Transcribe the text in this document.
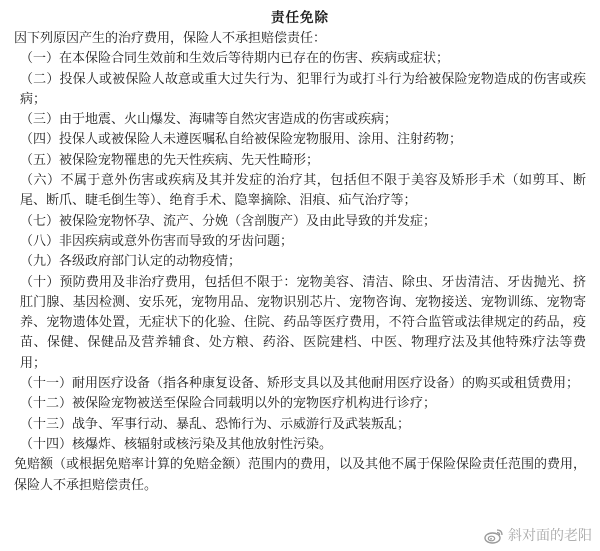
责任免除

因下列原因产生的治疗费用，保险人不承担赔偿责任：

（一）在本保险合同生效前和生效后等待期内已存在的伤害、疾病或症状；

（二）投保人或被保险人故意或重大过失行为、犯罪行为或打斗行为给被保险宠物造成的伤害或疾病；

（三）由于地震、火山爆发、海啸等自然灾害造成的伤害或疾病；

（四）投保人或被保险人未遵医嘱私自给被保险宠物服用、涂用、注射药物；

（五）被保险宠物罹患的先天性疾病、先天性畸形；

（六）不属于意外伤害或疾病及其并发症的治疗其，包括但不限于美容及矫形手术（如剪耳、断尾、断爪、睫毛倒生等）、绝育手术、隐睾摘除、泪痕、疝气治疗等；

（七）被保险宠物怀孕、流产、分娩（含剖腹产）及由此导致的并发症；

（八）非因疾病或意外伤害而导致的牙齿问题；

（九）各级政府部门认定的动物疫情；

（十）预防费用及非治疗费用，包括但不限于：宠物美容、清洁、除虫、牙齿清洁、牙齿抛光、挤肛门腺、基因检测、安乐死，宠物用品、宠物识别芯片、宠物咨询、宠物接送、宠物训练、宠物寄养、宠物遗体处置，无症状下的化验、住院、药品等医疗费用，不符合监管或法律规定的药品，疫苗、保健、保健品及营养辅食、处方粮、药浴、医院建档、中医、物理疗法及其他特殊疗法等费用；

（十一）耐用医疗设备（指各种康复设备、矫形支具以及其他耐用医疗设备）的购买或租赁费用；

（十二）被保险宠物被送至保险合同载明以外的宠物医疗机构进行诊疗；

（十三）战争、军事行动、暴乱、恐怖行为、示威游行及武装叛乱；

（十四）核爆炸、核辐射或核污染及其他放射性污染。

免赔额（或根据免赔率计算的免赔金额）范围内的费用，以及其他不属于保险保险责任范围的费用，保险人不承担赔偿责任。

斜对面的老阳
